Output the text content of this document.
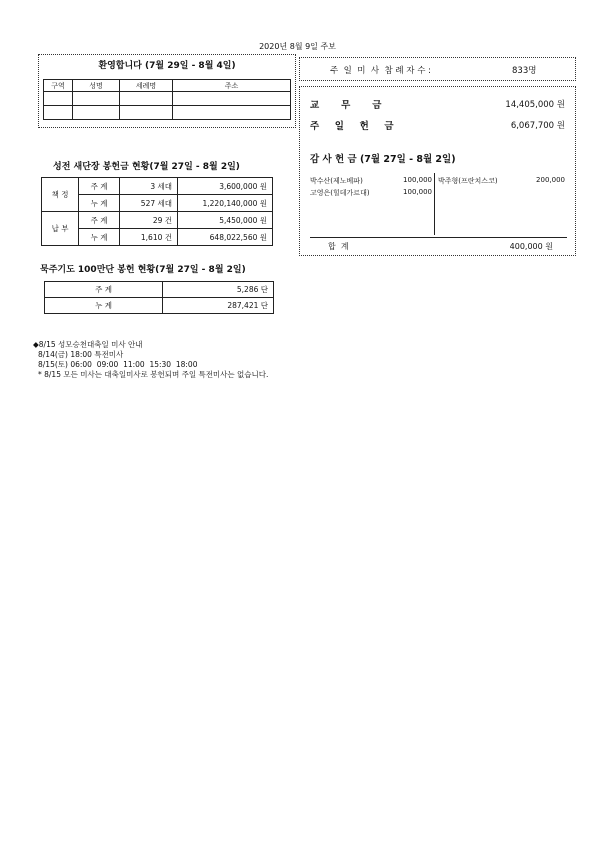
2020년 8월 9일 주보
환영합니다 (7월 29일 - 8월 4일)
구역	성명	세례명	주소

주  일  미  사  참 례 자 수 :	833명
교   무   금	14,405,000 원
주  일  헌  금	6,067,700 원
감 사 헌 금 (7월 27일 - 8월 2일)
박수산(제노베파)	100,000
고영은(힐데가르대)	100,000
박주형(프란치스코)	200,000
합  계	400,000 원
성전 새단장 봉헌금 현황(7월 27일 - 8월 2일)
책 정	주 계	3 세대	3,600,000 원
	누 계	527 세대	1,220,140,000 원
납 부	주 계	29 건	5,450,000 원
	누 계	1,610 건	648,022,560 원
묵주기도 100만단 봉헌 현황(7월 27일 - 8월 2일)
주 계	5,286 단
누 계	287,421 단
◆8/15 성모승천대축일 미사 안내
8/14(금) 18:00 특전미사
8/15(토) 06:00  09:00  11:00  15:30  18:00
* 8/15 모든 미사는 대축일미사로 봉헌되며 주일 특전미사는 없습니다.
